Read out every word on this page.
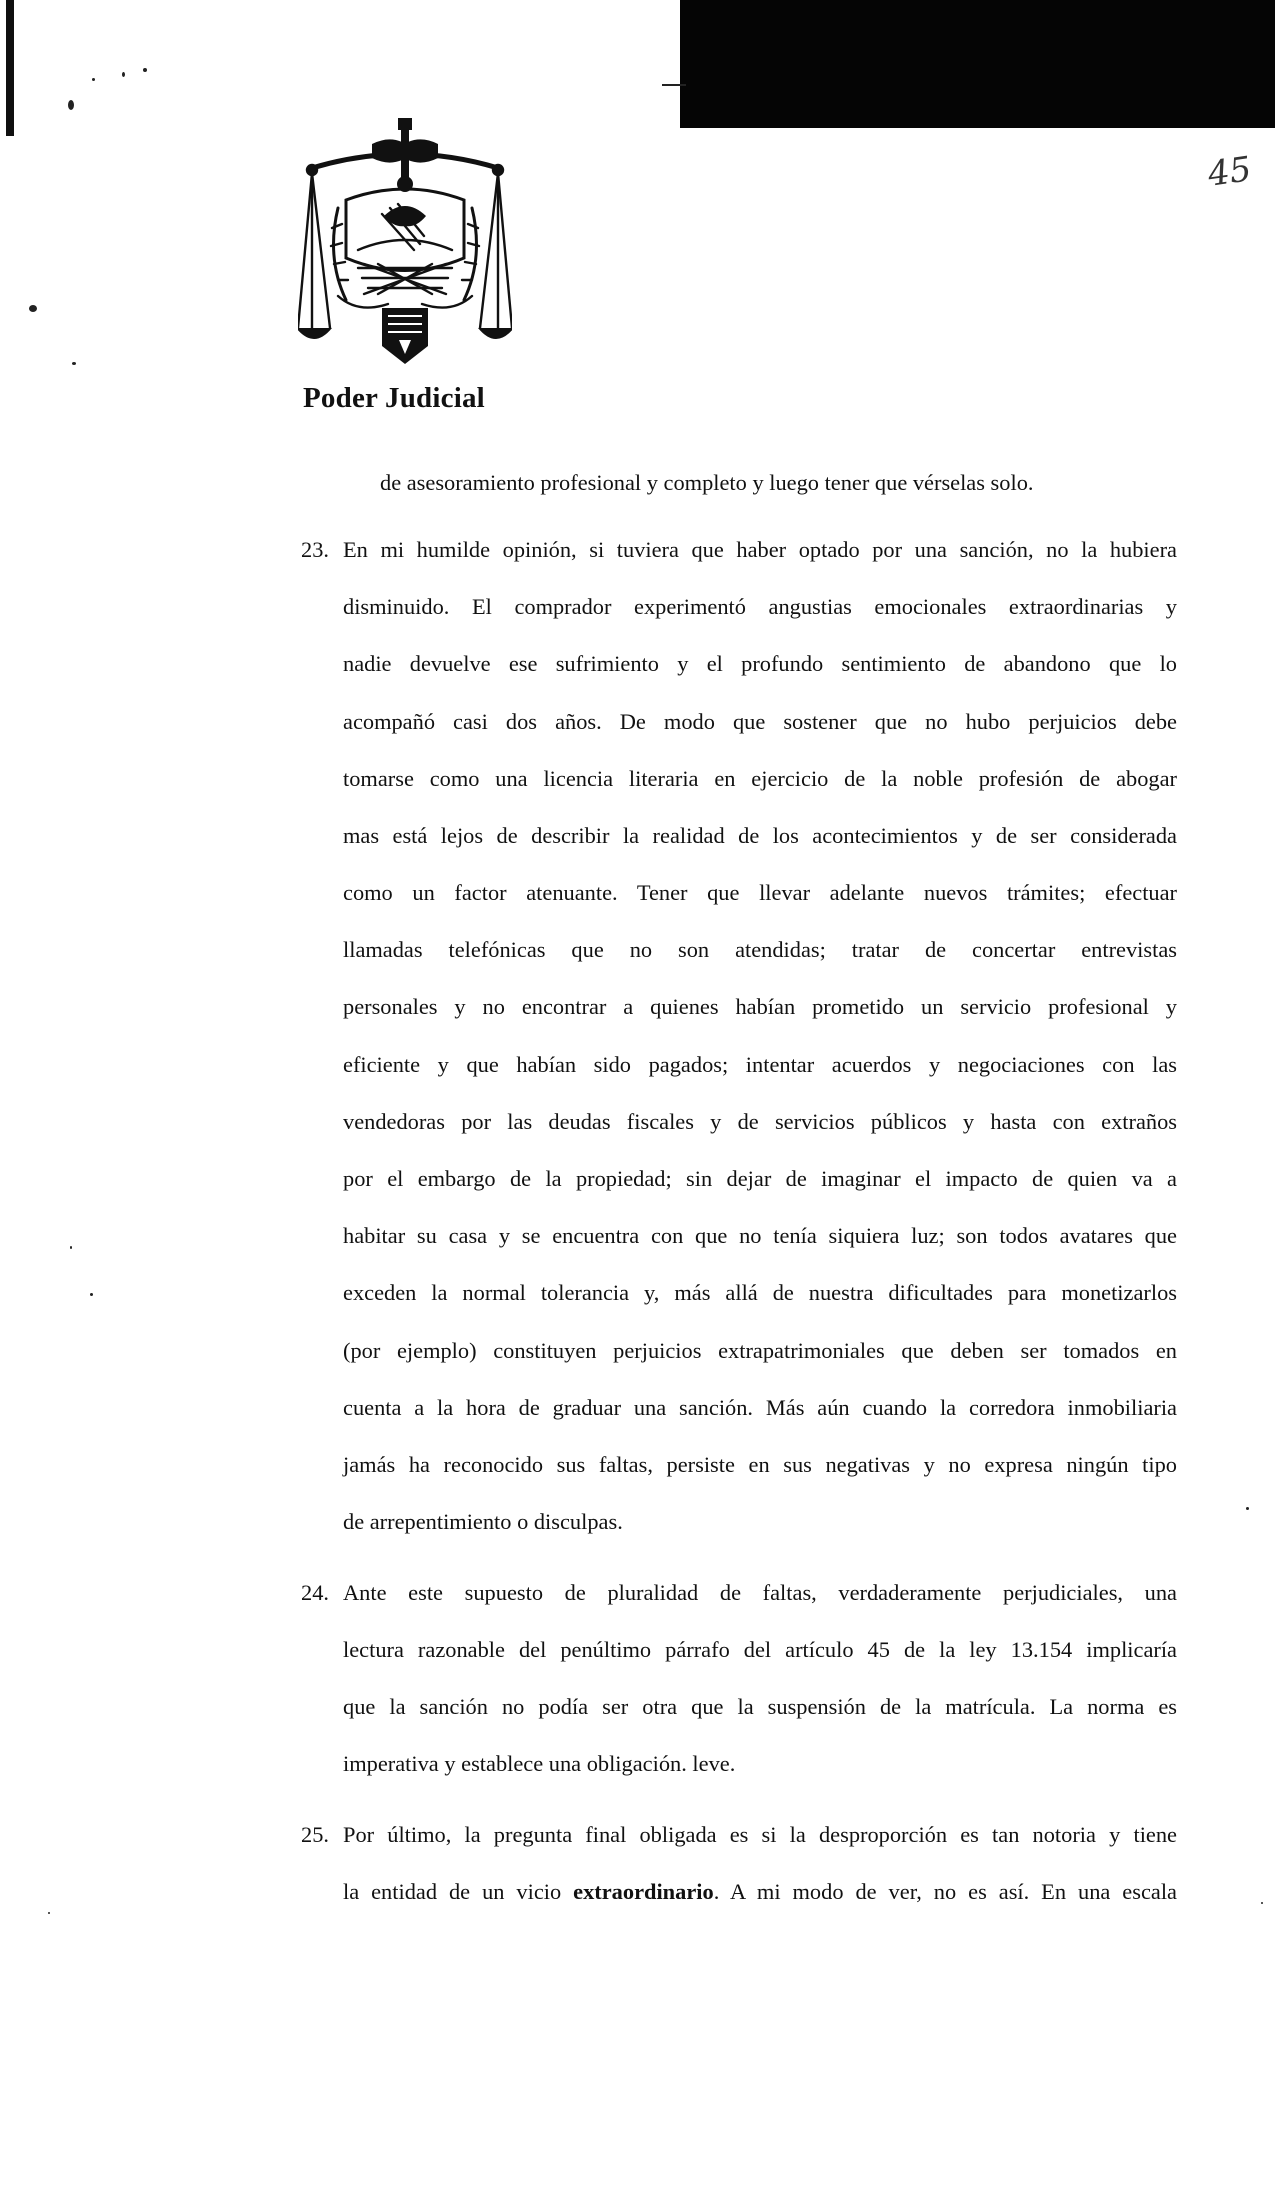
45
Poder Judicial
de asesoramiento profesional y completo y luego tener que vérselas solo.
23. En mi humilde opinión, si tuviera que haber optado por una sanción, no la hubiera
disminuido. El comprador experimentó angustias emocionales extraordinarias y
nadie devuelve ese sufrimiento y el profundo sentimiento de abandono que lo
acompañó casi dos años. De modo que sostener que no hubo perjuicios debe
tomarse como una licencia literaria en ejercicio de la noble profesión de abogar
mas está lejos de describir la realidad de los acontecimientos y de ser considerada
como un factor atenuante. Tener que llevar adelante nuevos trámites; efectuar
llamadas telefónicas que no son atendidas; tratar de concertar entrevistas
personales y no encontrar a quienes habían prometido un servicio profesional y
eficiente y que habían sido pagados; intentar acuerdos y negociaciones con las
vendedoras por las deudas fiscales y de servicios públicos y hasta con extraños
por el embargo de la propiedad; sin dejar de imaginar el impacto de quien va a
habitar su casa y se encuentra con que no tenía siquiera luz; son todos avatares que
exceden la normal tolerancia y, más allá de nuestra dificultades para monetizarlos
(por ejemplo) constituyen perjuicios extrapatrimoniales que deben ser tomados en
cuenta a la hora de graduar una sanción. Más aún cuando la corredora inmobiliaria
jamás ha reconocido sus faltas, persiste en sus negativas y no expresa ningún tipo
de arrepentimiento o disculpas.
24. Ante este supuesto de pluralidad de faltas, verdaderamente perjudiciales, una
lectura razonable del penúltimo párrafo del artículo 45 de la ley 13.154 implicaría
que la sanción no podía ser otra que la suspensión de la matrícula. La norma es
imperativa y establece una obligación. leve.
25. Por último, la pregunta final obligada es si la desproporción es tan notoria y tiene
la entidad de un vicio extraordinario. A mi modo de ver, no es así. En una escala
